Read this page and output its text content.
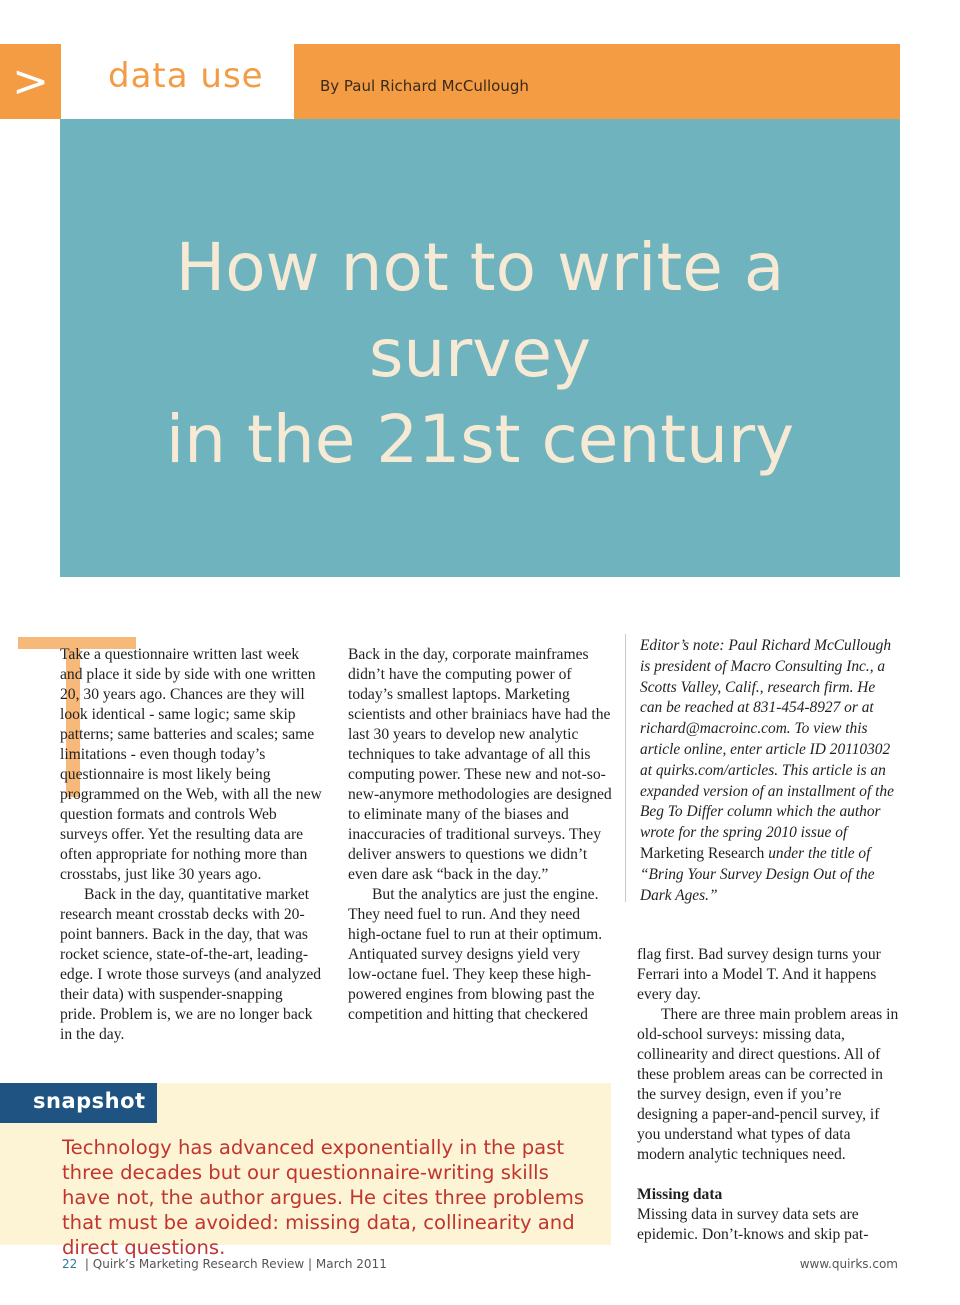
>	data use	By Paul Richard McCullough
How not to write a survey
in the 21st century

Take a questionnaire written last week and place it side by side with one written 20, 30 years ago. Chances are they will look identical - same logic; same skip patterns; same batteries and scales; same limitations - even though today’s questionnaire is most likely being programmed on the Web, with all the new question formats and controls Web surveys offer. Yet the resulting data are often appropriate for nothing more than crosstabs, just like 30 years ago.

Back in the day, quantitative market research meant crosstab decks with 20-point banners. Back in the day, that was rocket science, state-of-the-art, leading-edge. I wrote those surveys (and analyzed their data) with suspender-snapping pride. Problem is, we are no longer back in the day.

Back in the day, corporate mainframes didn’t have the computing power of today’s smallest laptops. Marketing scientists and other brainiacs have had the last 30 years to develop new analytic techniques to take advantage of all this computing power. These new and not-so-new-anymore methodologies are designed to eliminate many of the biases and inaccuracies of traditional surveys. They deliver answers to questions we didn’t even dare ask “back in the day.”

But the analytics are just the engine. They need fuel to run. And they need high-octane fuel to run at their optimum. Antiquated survey designs yield very low-octane fuel. They keep these high-powered engines from blowing past the competition and hitting that checkered

Editor’s note: Paul Richard McCullough is president of Macro Consulting Inc., a Scotts Valley, Calif., research firm. He can be reached at 831-454-8927 or at richard@macroinc.com. To view this article online, enter article ID 20110302 at quirks.com/articles. This article is an expanded version of an installment of the Beg To Differ column which the author wrote for the spring 2010 issue of Marketing Research under the title of “Bring Your Survey Design Out of the Dark Ages.”

flag first. Bad survey design turns your Ferrari into a Model T. And it happens every day.

There are three main problem areas in old-school surveys: missing data, collinearity and direct questions. All of these problem areas can be corrected in the survey design, even if you’re designing a paper-and-pencil survey, if you understand what types of data modern analytic techniques need.

Missing data

Missing data in survey data sets are epidemic. Don’t-knows and skip pat-

snapshot
Technology has advanced exponentially in the past three decades but our questionnaire-writing skills have not, the author argues. He cites three problems that must be avoided: missing data, collinearity and direct questions.
22 | Quirk’s Marketing Research Review | March 2011	www.quirks.com
